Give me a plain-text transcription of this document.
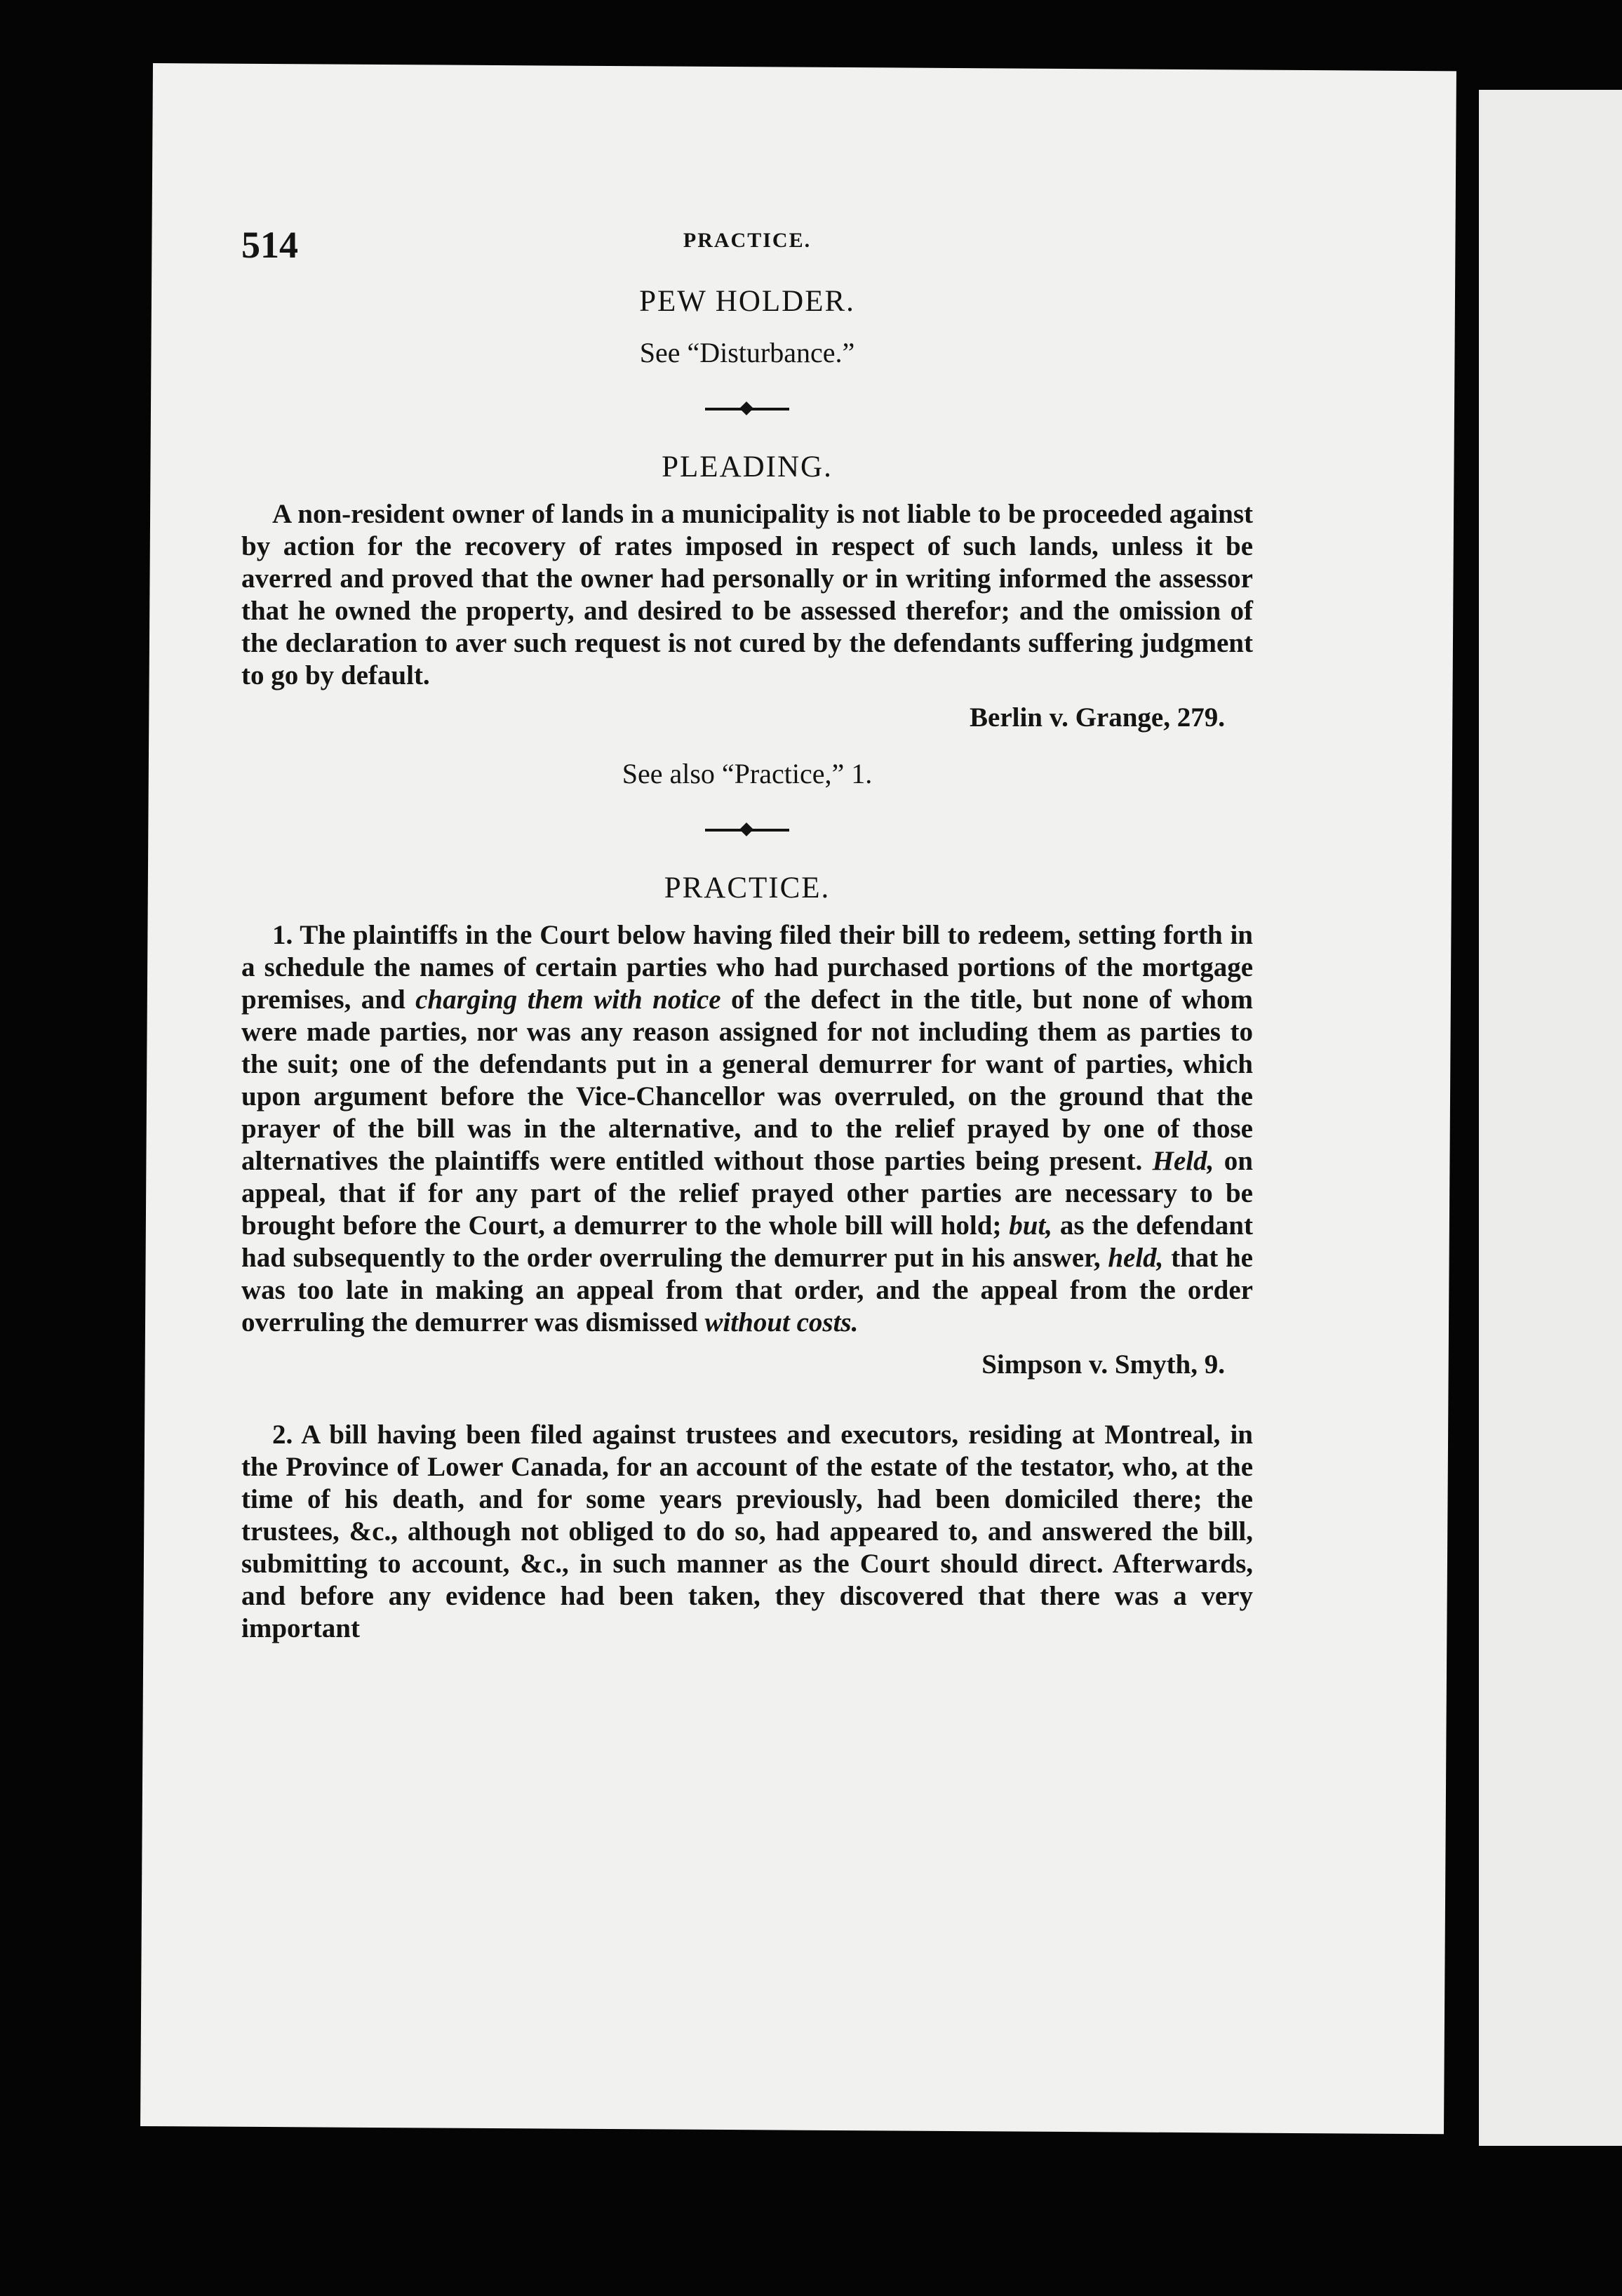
514	PRACTICE.
PEW HOLDER.

See “Disturbance.”

PLEADING.

A non-resident owner of lands in a municipality is not liable to be proceeded against by action for the recovery of rates imposed in respect of such lands, unless it be averred and proved that the owner had personally or in writing informed the assessor that he owned the property, and desired to be assessed therefor; and the omission of the declaration to aver such request is not cured by the defendants suffering judgment to go by default.

Berlin v. Grange, 279.

See also “Practice,” 1.

PRACTICE.

1. The plaintiffs in the Court below having filed their bill to redeem, setting forth in a schedule the names of certain parties who had purchased portions of the mortgage premises, and charging them with notice of the defect in the title, but none of whom were made parties, nor was any reason assigned for not including them as parties to the suit; one of the defendants put in a general demurrer for want of parties, which upon argument before the Vice-Chancellor was overruled, on the ground that the prayer of the bill was in the alternative, and to the relief prayed by one of those alternatives the plaintiffs were entitled without those parties being present. Held, on appeal, that if for any part of the relief prayed other parties are necessary to be brought before the Court, a demurrer to the whole bill will hold; but, as the defendant had subsequently to the order overruling the demurrer put in his answer, held, that he was too late in making an appeal from that order, and the appeal from the order overruling the demurrer was dismissed without costs.

Simpson v. Smyth, 9.

2. A bill having been filed against trustees and executors, residing at Montreal, in the Province of Lower Canada, for an account of the estate of the testator, who, at the time of his death, and for some years previously, had been domiciled there; the trustees, &c., although not obliged to do so, had appeared to, and answered the bill, submitting to account, &c., in such manner as the Court should direct. Afterwards, and before any evidence had been taken, they discovered that there was a very important
